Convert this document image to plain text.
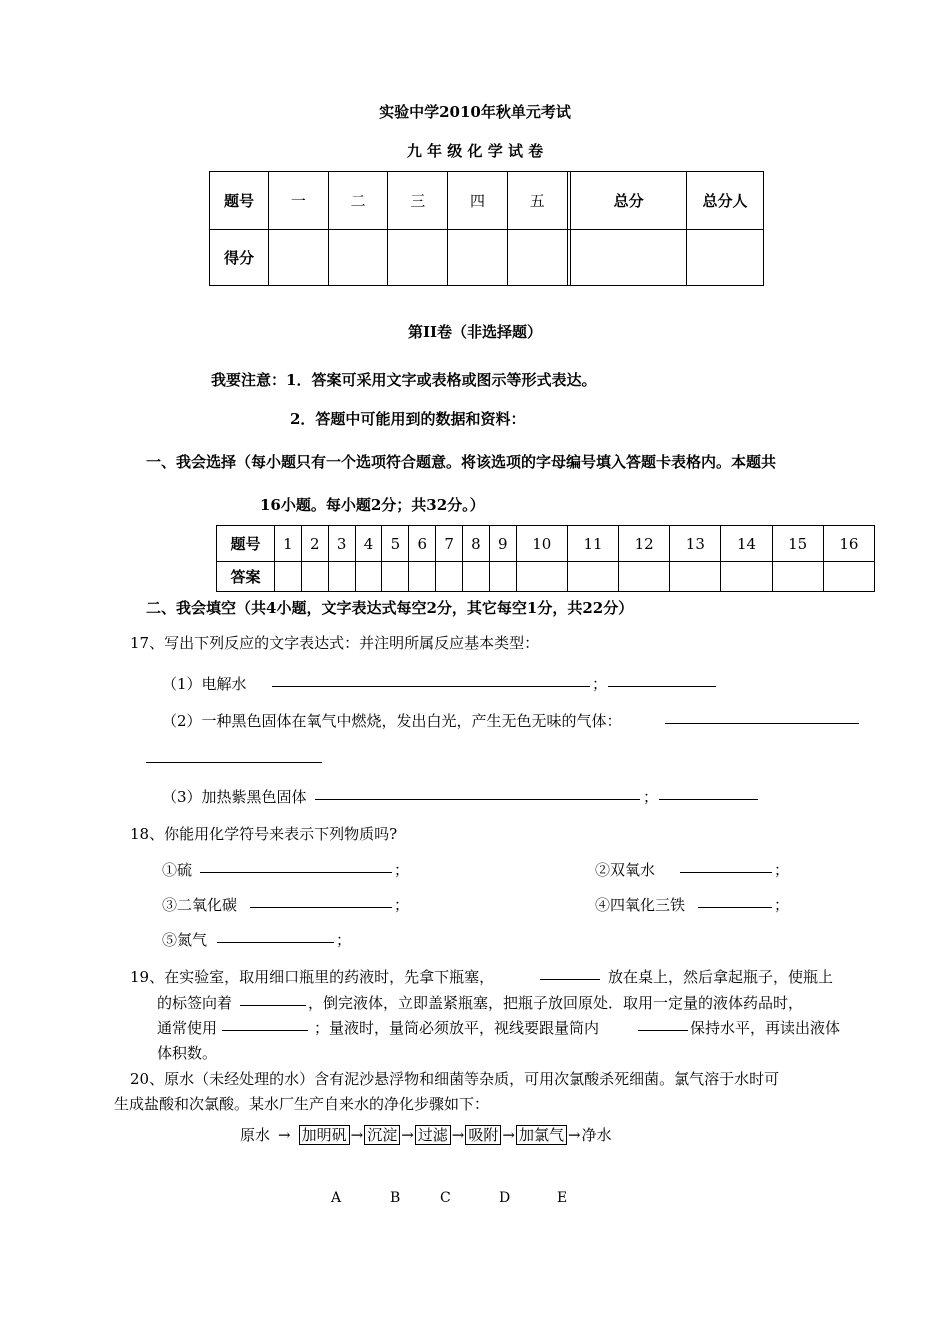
实验中学2010年秋单元考试
九 年 级 化 学 试 卷
题号	一	二	三	四	五		总分	总分人
得分								
第II卷（非选择题）
我要注意：1．答案可采用文字或表格或图示等形式表达。
2．答题中可能用到的数据和资料：
一、我会选择（每小题只有一个选项符合题意。将该选项的字母编号填入答题卡表格内。本题共
16小题。每小题2分；共32分。）
题号	1	2	3	4	5	6	7	8	9	10	11	12	13	14	15	16
答案																
二、我会填空（共4小题，文字表达式每空2分，其它每空1分，共22分）
17、写出下列反应的文字表达式：并注明所属反应基本类型：
（1）电解水	；
（2）一种黑色固体在氧气中燃烧，发出白光，产生无色无味的气体：
（3）加热紫黑色固体	；
18、你能用化学符号来表示下列物质吗?
①硫	；	②双氧水	；
③二氧化碳	；	④四氧化三铁	；
⑤氮气	；
19、在实验室，取用细口瓶里的药液时，先拿下瓶塞，	放在桌上，然后拿起瓶子，使瓶上
的标签向着	，倒完液体，立即盖紧瓶塞，把瓶子放回原处．取用一定量的液体药品时，
通常使用	；量液时，量筒必须放平，视线要跟量筒内	保持水平，再读出液体
体积数。
20、原水（未经处理的水）含有泥沙悬浮物和细菌等杂质，可用次氯酸杀死细菌。氯气溶于水时可
生成盐酸和次氯酸。某水厂生产自来水的净化步骤如下：
原水 → 加明矾 → 沉淀 → 过滤 → 吸附 → 加氯气 → 净水
A	B	C	D	E
